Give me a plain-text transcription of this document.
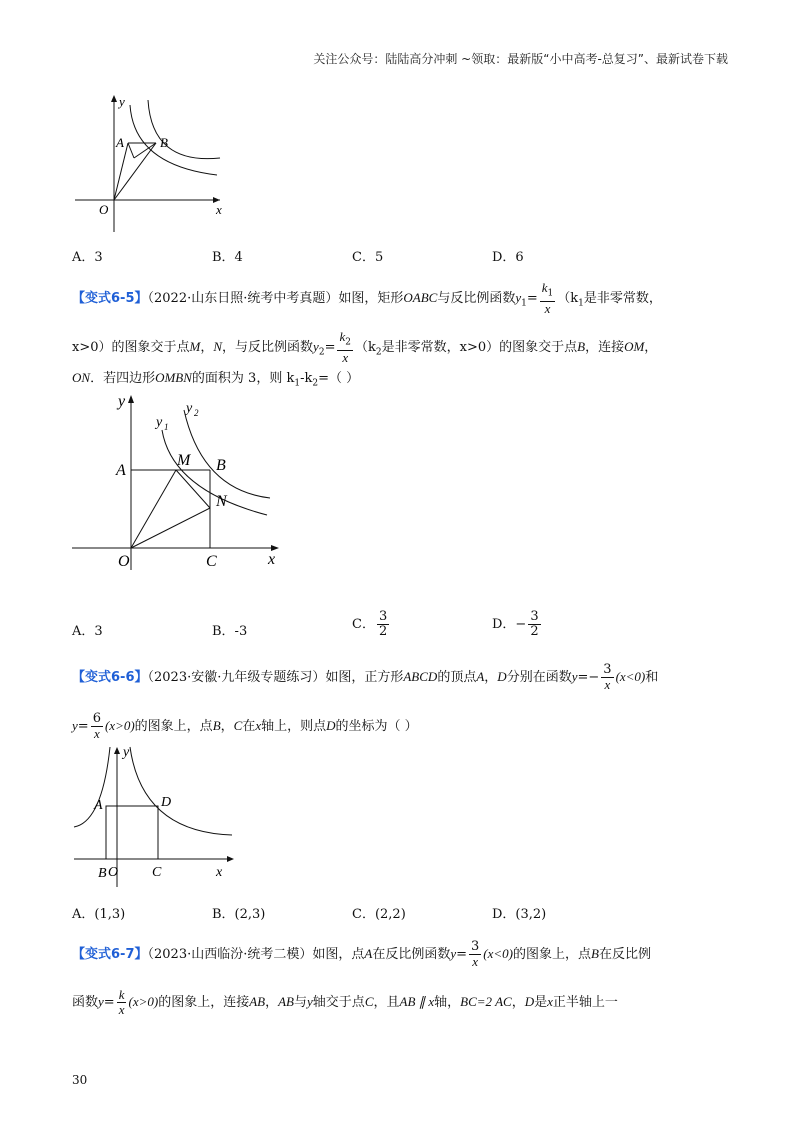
关注公众号：陆陆高分冲刺 ~领取：最新版“小中高考-总复习”、最新试卷下载
y
A	B
O	x
A．3	B．4	C．5	D．6
【变式6-5】（2022·山东日照·统考中考真题）如图，矩形OABC与反比例函数$y_1= \frac{k_1}{x} (k_1$是非零常数，
x>0）的图象交于点M，N，与反比例函数$y_2= \frac{k_2}{x} (k_2$是非零常数，x>0）的图象交于点B，连接OM，
ON．若四边形OMBN的面积为 3，则 $k_1-k_2=$（ ）
y
y 1
y 2
A
M B
N
O	C	x
A．3	B．-3	C． $\frac{3}{2}$	D．− $\frac{3}{2}$
【变式6-6】（2023·安徽·九年级专题练习）如图，正方形ABCD的顶点A，D分别在函数$y=- \frac{3}{x} (x<0)$和
$y= \frac{6}{x} (x>0)$的图象上，点B，C在x轴上，则点D的坐标为（ ）
y
A	D
B O C	x
A．(1,3)	B．(2,3)	C．(2,2)	D．(3,2)
【变式6-7】（2023·山西临汾·统考二模）如图，点A在反比例函数$y= \frac{3}{x} (x<0)$的图象上，点B在反比例
函数$y= \frac{k}{x} (x>0)$的图象上，连接AB，AB与y轴交于点C，且AB ∥ x轴，BC=2 AC，D是x正半轴上一
30
